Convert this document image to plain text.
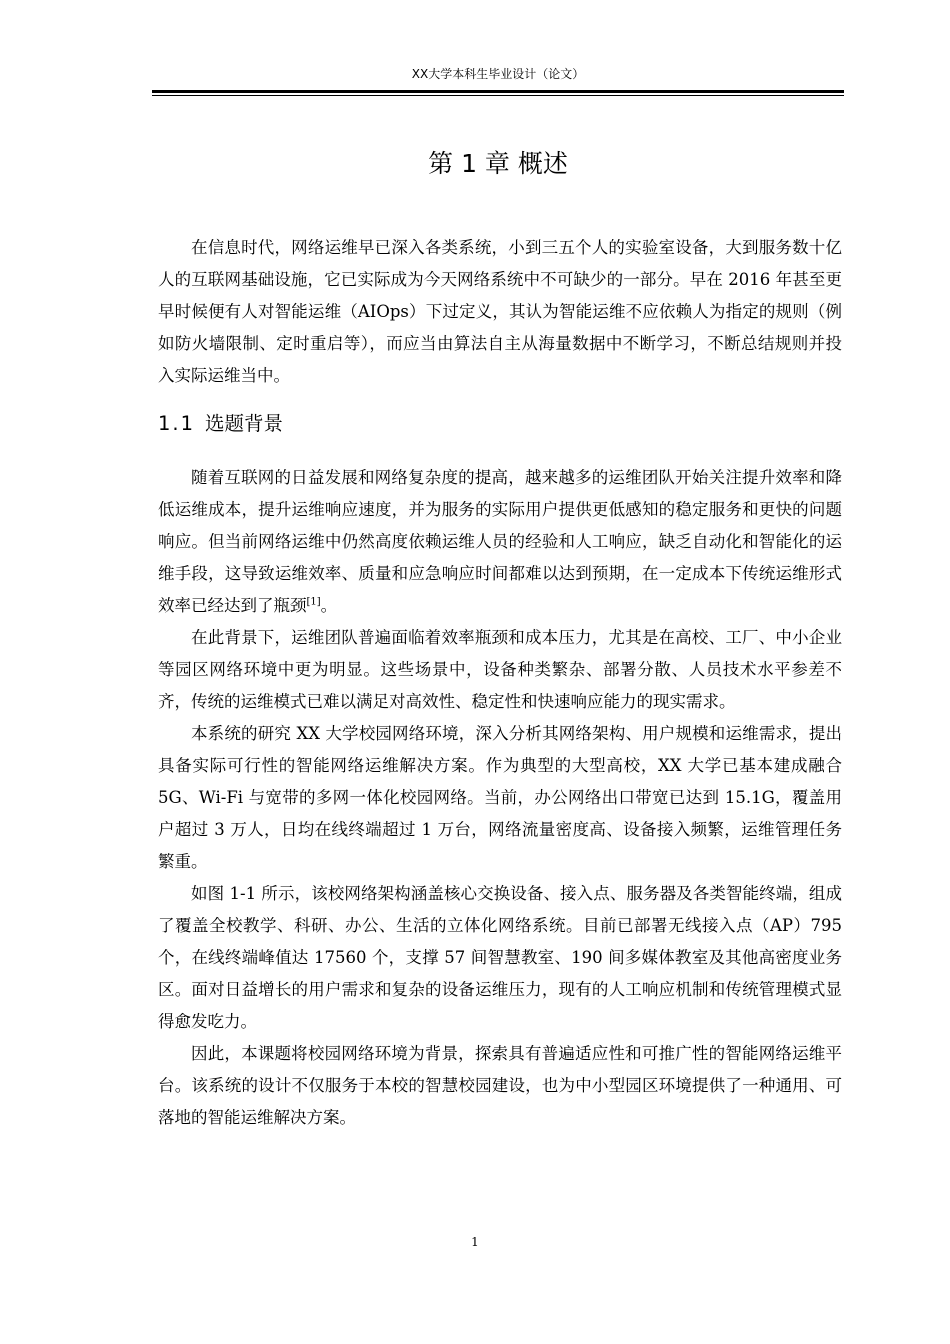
XX大学本科生毕业设计（论文）
第 1 章 概述

在信息时代，网络运维早已深入各类系统，小到三五个人的实验室设备，大到服务数十亿人的互联网基础设施，它已实际成为今天网络系统中不可缺少的一部分。早在 2016 年甚至更早时候便有人对智能运维（AIOps）下过定义，其认为智能运维不应依赖人为指定的规则（例如防火墙限制、定时重启等），而应当由算法自主从海量数据中不断学习，不断总结规则并投入实际运维当中。

1.1 选题背景

随着互联网的日益发展和网络复杂度的提高，越来越多的运维团队开始关注提升效率和降低运维成本，提升运维响应速度，并为服务的实际用户提供更低感知的稳定服务和更快的问题响应。但当前网络运维中仍然高度依赖运维人员的经验和人工响应，缺乏自动化和智能化的运维手段，这导致运维效率、质量和应急响应时间都难以达到预期，在一定成本下传统运维形式效率已经达到了瓶颈[1]。

在此背景下，运维团队普遍面临着效率瓶颈和成本压力，尤其是在高校、工厂、中小企业等园区网络环境中更为明显。这些场景中，设备种类繁杂、部署分散、人员技术水平参差不齐，传统的运维模式已难以满足对高效性、稳定性和快速响应能力的现实需求。

本系统的研究 XX 大学校园网络环境，深入分析其网络架构、用户规模和运维需求，提出具备实际可行性的智能网络运维解决方案。作为典型的大型高校，XX 大学已基本建成融合 5G、Wi-Fi 与宽带的多网一体化校园网络。当前，办公网络出口带宽已达到 15.1G，覆盖用户超过 3 万人，日均在线终端超过 1 万台，网络流量密度高、设备接入频繁，运维管理任务繁重。

如图 1-1 所示，该校网络架构涵盖核心交换设备、接入点、服务器及各类智能终端，组成了覆盖全校教学、科研、办公、生活的立体化网络系统。目前已部署无线接入点（AP）795 个，在线终端峰值达 17560 个，支撑 57 间智慧教室、190 间多媒体教室及其他高密度业务区。面对日益增长的用户需求和复杂的设备运维压力，现有的人工响应机制和传统管理模式显得愈发吃力。

因此，本课题将校园网络环境为背景，探索具有普遍适应性和可推广性的智能网络运维平台。该系统的设计不仅服务于本校的智慧校园建设，也为中小型园区环境提供了一种通用、可落地的智能运维解决方案。

1
